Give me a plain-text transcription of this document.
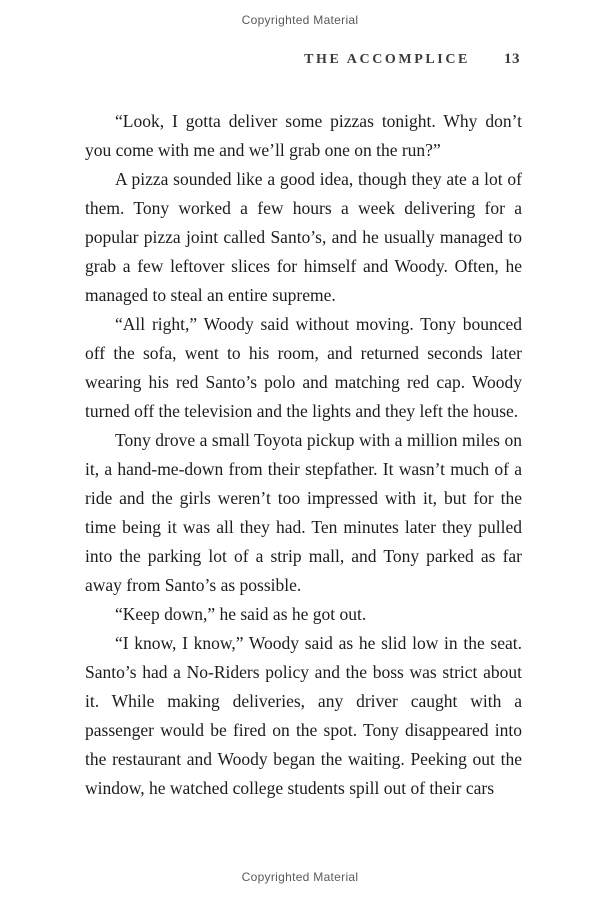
Copyrighted Material
THE ACCOMPLICE 13

“Look, I gotta deliver some pizzas tonight. Why don’t you come with me and we’ll grab one on the run?”

A pizza sounded like a good idea, though they ate a lot of them. Tony worked a few hours a week delivering for a popular pizza joint called Santo’s, and he usually managed to grab a few leftover slices for himself and Woody. Often, he managed to steal an entire supreme.

“All right,” Woody said without moving. Tony bounced off the sofa, went to his room, and returned seconds later wearing his red Santo’s polo and matching red cap. Woody turned off the television and the lights and they left the house.

Tony drove a small Toyota pickup with a million miles on it, a hand-me-down from their stepfather. It wasn’t much of a ride and the girls weren’t too impressed with it, but for the time being it was all they had. Ten minutes later they pulled into the parking lot of a strip mall, and Tony parked as far away from Santo’s as possible.

“Keep down,” he said as he got out.

“I know, I know,” Woody said as he slid low in the seat. Santo’s had a No-Riders policy and the boss was strict about it. While making deliveries, any driver caught with a passenger would be fired on the spot. Tony disappeared into the restaurant and Woody began the waiting. Peeking out the window, he watched college students spill out of their cars

Copyrighted Material
